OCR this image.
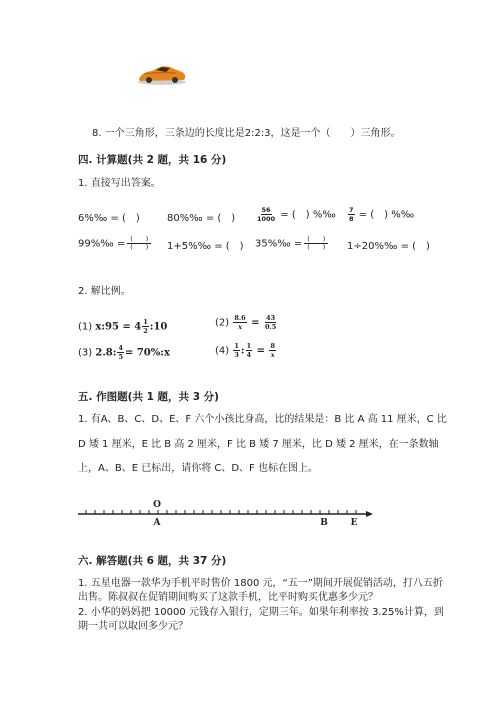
8. 一个三角形，三条边的长度比是2:2:3，这是一个（　　）三角形。
四. 计算题(共 2 题，共 16 分)
1. 直接写出答案。
6%‰ = (　)	80%‰ = (　)	$\frac{56}{1000}$ = (　) %‰ $\frac{7}{8}$ = (　) %‰
99%‰ = $\frac{( )}{( )}$ 1+5%‰ = (　) 35%‰ = $\frac{( )}{( )}$ 1÷20%‰ = (　)
2. 解比例。
(1) x:95 = $4 \frac{1}{2}$ :10	$(2) \frac{8.6}{x} = \frac{43}{0.5}$
(3) 2.8: $\frac{4}{5}$ = 70%:x	$(4) \frac{1}{3}$ : $\frac{1}{4} = \frac{8}{x}$
五. 作图题(共 1 题，共 3 分)
1. 有A、B、C、D、E、F 六个小孩比身高，比的结果是：B 比 A 高 11 厘米，C 比 D 矮 1 厘米，E 比 B 高 2 厘米，F 比 B 矮 7 厘米，比 D 矮 2 厘米，在一条数轴上，A、B、E 已标出，请你将 C、D、F 也标在图上。
O
A	B	E
六. 解答题(共 6 题，共 37 分)
1. 五星电器一款华为手机平时售价 1800 元，“五一”期间开展促销活动，打八五折出售。陈叔叔在促销期间购买了这款手机，比平时购买优惠多少元？
2. 小华的妈妈把 10000 元钱存入银行，定期三年。如果年利率按 3.25%计算，到期一共可以取回多少元？
